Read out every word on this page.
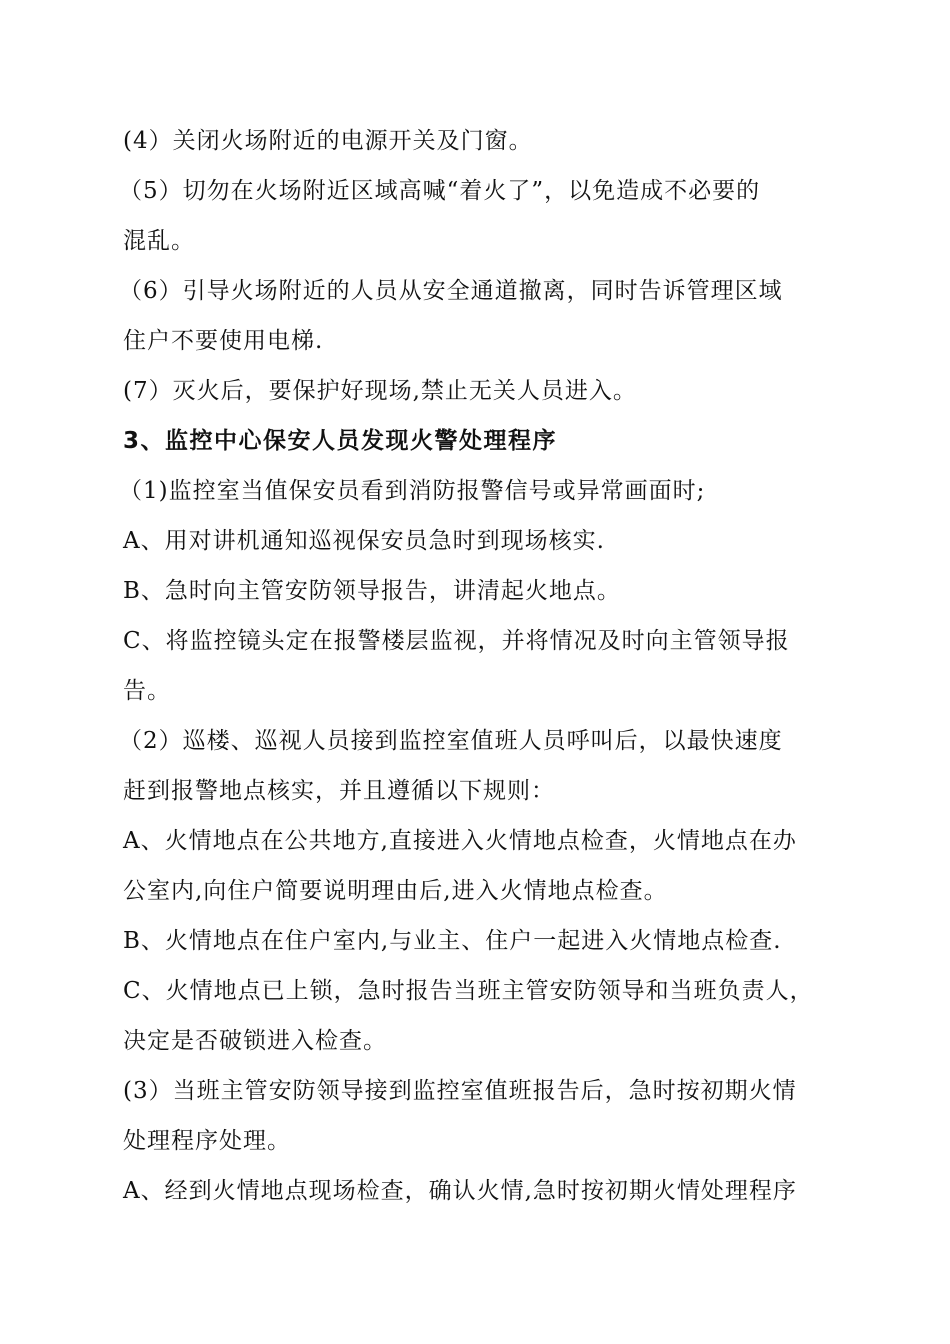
(4）关闭火场附近的电源开关及门窗。
（5）切勿在火场附近区域高喊“着火了”，以免造成不必要的
混乱。
（6）引导火场附近的人员从安全通道撤离，同时告诉管理区域
住户不要使用电梯.
(7）灭火后，要保护好现场,禁止无关人员进入。
3、监控中心保安人员发现火警处理程序
（1)监控室当值保安员看到消防报警信号或异常画面时;
A、用对讲机通知巡视保安员急时到现场核实.
B、急时向主管安防领导报告，讲清起火地点。
C、将监控镜头定在报警楼层监视，并将情况及时向主管领导报
告。
（2）巡楼、巡视人员接到监控室值班人员呼叫后，以最快速度
赶到报警地点核实，并且遵循以下规则：
A、火情地点在公共地方,直接进入火情地点检查，火情地点在办
公室内,向住户简要说明理由后,进入火情地点检查。
B、火情地点在住户室内,与业主、住户一起进入火情地点检查.
C、火情地点已上锁，急时报告当班主管安防领导和当班负责人，
决定是否破锁进入检查。
(3）当班主管安防领导接到监控室值班报告后，急时按初期火情
处理程序处理。
A、经到火情地点现场检查，确认火情,急时按初期火情处理程序
